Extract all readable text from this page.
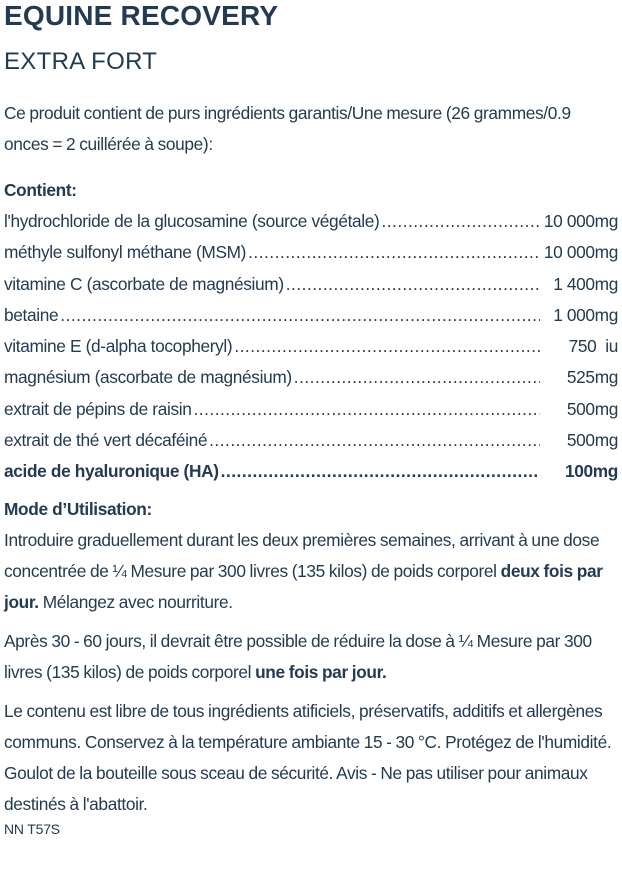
EQUINE RECOVERY
EXTRA FORT

Ce produit contient de purs ingrédients garantis/Une mesure (26 grammes/0.9 onces = 2 cuillérée à soupe):

Contient:
l'hydrochloride de la glucosamine (source végétale) .....	10 000mg
méthyle sulfonyl méthane (MSM) .....	10 000mg
vitamine C (ascorbate de magnésium) .....	1 400mg
betaine .....	1 000mg
vitamine E (d-alpha tocopheryl) .....	750  iu
magnésium (ascorbate de magnésium) .....	525mg
extrait de pépins de raisin .....	500mg
extrait de thé vert décaféiné .....	500mg
acide de hyaluronique (HA) .....	100mg
Mode d’Utilisation:

Introduire graduellement durant les deux premières semaines, arrivant à une dose concentrée de ¼ Mesure par 300 livres (135 kilos) de poids corporel deux fois par jour. Mélangez avec nourriture.

Après 30 - 60 jours, il devrait être possible de réduire la dose à ¼ Mesure par 300 livres (135 kilos) de poids corporel une fois par jour.

Le contenu est libre de tous ingrédients atificiels, préservatifs, additifs et allergènes communs. Conservez à la température ambiante 15 - 30 °C. Protégez de l'humidité. Goulot de la bouteille sous sceau de sécurité. Avis - Ne pas utiliser pour animaux destinés à l'abattoir.

NN T57S
